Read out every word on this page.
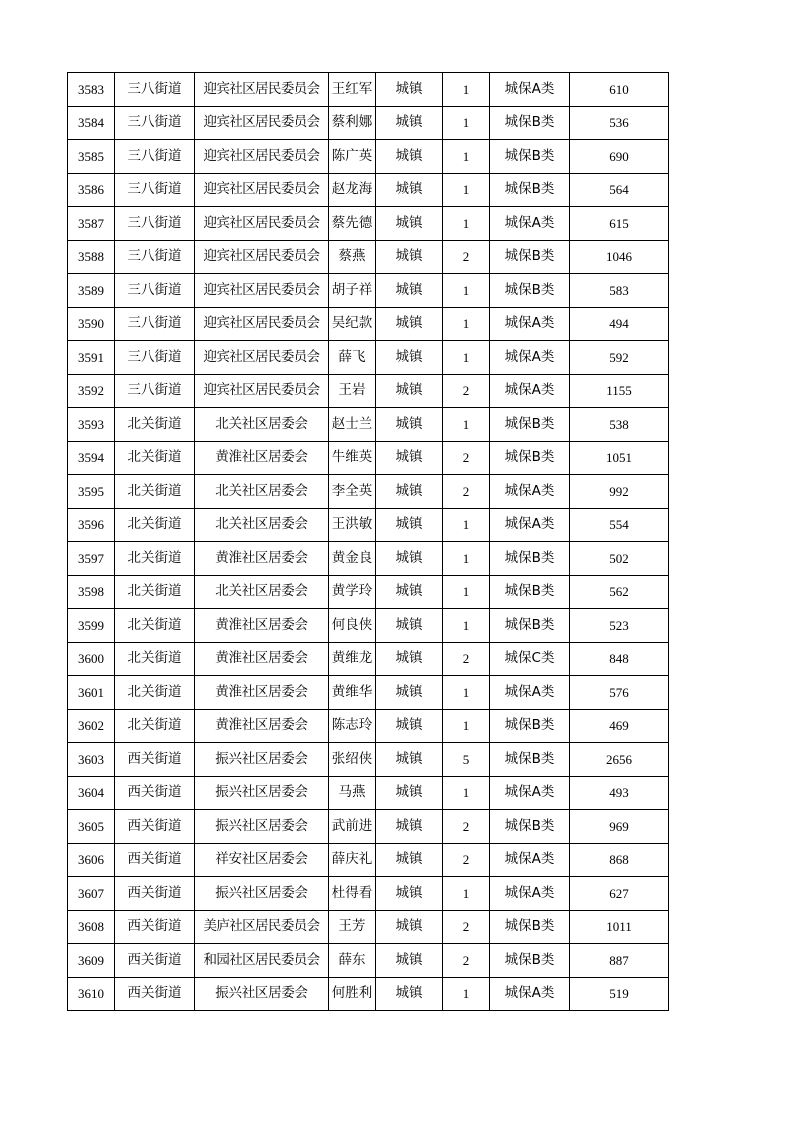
3583	三八街道	迎宾社区居民委员会	王红军	城镇	1	城保A类	610
3584	三八街道	迎宾社区居民委员会	蔡利娜	城镇	1	城保B类	536
3585	三八街道	迎宾社区居民委员会	陈广英	城镇	1	城保B类	690
3586	三八街道	迎宾社区居民委员会	赵龙海	城镇	1	城保B类	564
3587	三八街道	迎宾社区居民委员会	蔡先德	城镇	1	城保A类	615
3588	三八街道	迎宾社区居民委员会	蔡燕	城镇	2	城保B类	1046
3589	三八街道	迎宾社区居民委员会	胡子祥	城镇	1	城保B类	583
3590	三八街道	迎宾社区居民委员会	吴纪款	城镇	1	城保A类	494
3591	三八街道	迎宾社区居民委员会	薛飞	城镇	1	城保A类	592
3592	三八街道	迎宾社区居民委员会	王岩	城镇	2	城保A类	1155
3593	北关街道	北关社区居委会	赵士兰	城镇	1	城保B类	538
3594	北关街道	黄淮社区居委会	牛维英	城镇	2	城保B类	1051
3595	北关街道	北关社区居委会	李全英	城镇	2	城保A类	992
3596	北关街道	北关社区居委会	王洪敏	城镇	1	城保A类	554
3597	北关街道	黄淮社区居委会	黄金良	城镇	1	城保B类	502
3598	北关街道	北关社区居委会	黄学玲	城镇	1	城保B类	562
3599	北关街道	黄淮社区居委会	何良侠	城镇	1	城保B类	523
3600	北关街道	黄淮社区居委会	黄维龙	城镇	2	城保C类	848
3601	北关街道	黄淮社区居委会	黄维华	城镇	1	城保A类	576
3602	北关街道	黄淮社区居委会	陈志玲	城镇	1	城保B类	469
3603	西关街道	振兴社区居委会	张绍侠	城镇	5	城保B类	2656
3604	西关街道	振兴社区居委会	马燕	城镇	1	城保A类	493
3605	西关街道	振兴社区居委会	武前进	城镇	2	城保B类	969
3606	西关街道	祥安社区居委会	薛庆礼	城镇	2	城保A类	868
3607	西关街道	振兴社区居委会	杜得看	城镇	1	城保A类	627
3608	西关街道	美庐社区居民委员会	王芳	城镇	2	城保B类	1011
3609	西关街道	和园社区居民委员会	薛东	城镇	2	城保B类	887
3610	西关街道	振兴社区居委会	何胜利	城镇	1	城保A类	519
